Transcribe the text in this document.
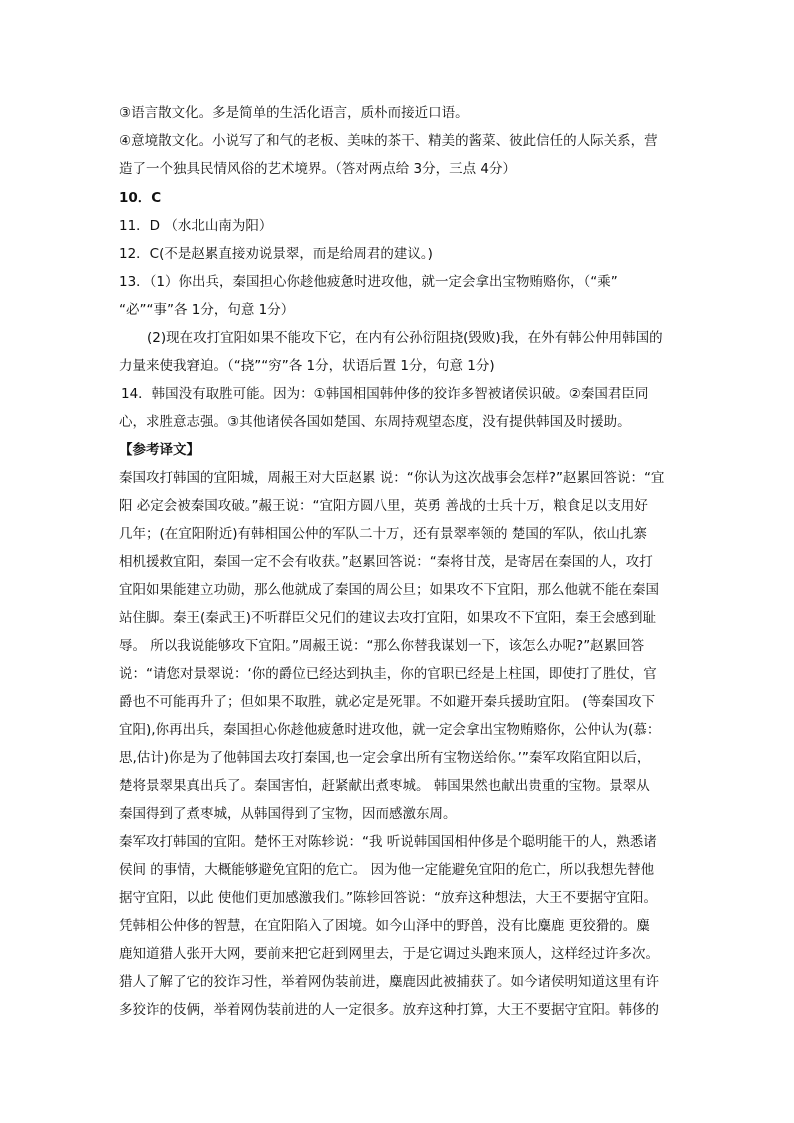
③语言散文化。多是简单的生活化语言，质朴而接近口语。
④意境散文化。小说写了和气的老板、美味的茶干、精美的酱菜、彼此信任的人际关系，营
造了一个独具民情风俗的艺术境界。（答对两点给 3分，三点 4分）
10．C
11．D （水北山南为阳）
12．C(不是赵累直接劝说景翠，而是给周君的建议。)
13．（1）你出兵，秦国担心你趁他疲惫时进攻他，就一定会拿出宝物贿赂你，（“乘”
“必”“事”各 1分，句意 1分）
(2)现在攻打宜阳如果不能攻下它，在内有公孙衍阻挠(毁败)我，在外有韩公仲用韩国的
力量来使我窘迫。（“挠”“穷”各 1分，状语后置 1分，句意 1分)
14．韩国没有取胜可能。因为：①韩国相国韩仲侈的狡诈多智被诸侯识破。②秦国君臣同
心，求胜意志强。③其他诸侯各国如楚国、东周持观望态度，没有提供韩国及时援助。
【参考译文】
秦国攻打韩国的宜阳城，周赧王对大臣赵累 说：“你认为这次战事会怎样?”赵累回答说：“宜
阳 必定会被秦国攻破。”赧王说：“宜阳方圆八里，英勇 善战的士兵十万，粮食足以支用好
几年；(在宜阳附近)有韩相国公仲的军队二十万，还有景翠率领的 楚国的军队，依山扎寨
相机援救宜阳，秦国一定不会有收获。”赵累回答说：“秦将甘茂，是寄居在秦国的人，攻打
宜阳如果能建立功勋，那么他就成了秦国的周公旦；如果攻不下宜阳，那么他就不能在秦国
站住脚。秦王(秦武王)不听群臣父兄们的建议去攻打宜阳，如果攻不下宜阳，秦王会感到耻
辱。 所以我说能够攻下宜阳。”周赧王说：“那么你替我谋划一下，该怎么办呢?”赵累回答
说：“请您对景翠说：‘你的爵位已经达到执圭，你的官职已经是上柱国，即使打了胜仗，官
爵也不可能再升了；但如果不取胜，就必定是死罪。不如避开秦兵援助宜阳。 (等秦国攻下
宜阳),你再出兵，秦国担心你趁他疲惫时进攻他，就一定会拿出宝物贿赂你，公仲认为(慕：
思,估计)你是为了他韩国去攻打秦国,也一定会拿出所有宝物送给你。’”秦军攻陷宜阳以后，
楚将景翠果真出兵了。秦国害怕，赶紧献出煮枣城。 韩国果然也献出贵重的宝物。景翠从
秦国得到了煮枣城，从韩国得到了宝物，因而感激东周。
秦军攻打韩国的宜阳。楚怀王对陈轸说：“我 听说韩国国相仲侈是个聪明能干的人，熟悉诸
侯间 的事情，大概能够避免宜阳的危亡。 因为他一定能避免宜阳的危亡，所以我想先替他
据守宜阳，以此 使他们更加感激我们。”陈轸回答说：“放弃这种想法，大王不要据守宜阳。
凭韩相公仲侈的智慧，在宜阳陷入了困境。如今山泽中的野兽，没有比麋鹿 更狡猾的。麋
鹿知道猎人张开大网，要前来把它赶到网里去，于是它调过头跑来顶人，这样经过许多次。
猎人了解了它的狡诈习性，举着网伪装前进，麋鹿因此被捕获了。如今诸侯明知道这里有许
多狡诈的伎俩，举着网伪装前进的人一定很多。放弃这种打算，大王不要据守宜阳。韩侈的
